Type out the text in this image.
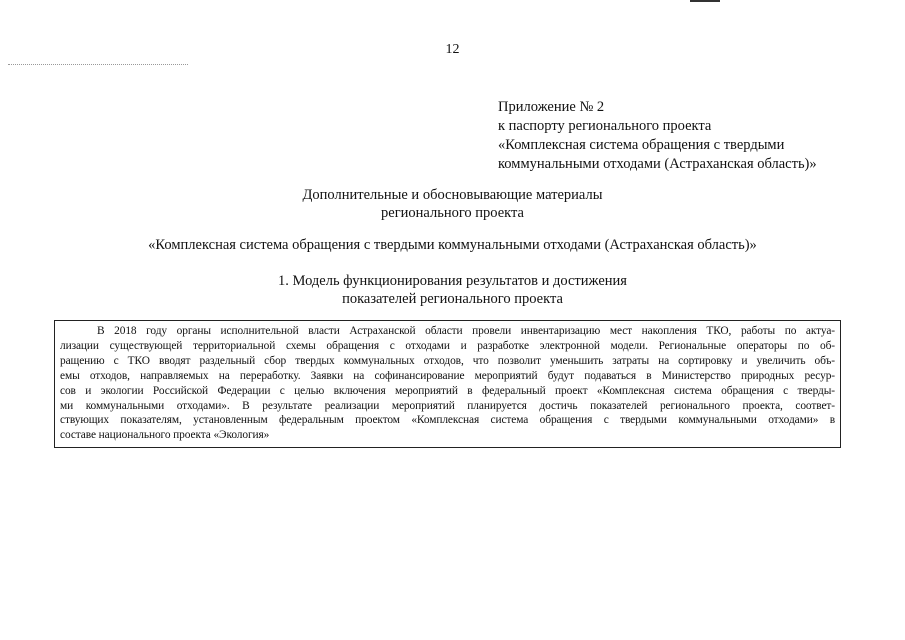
12
Приложение № 2
к паспорту регионального проекта
«Комплексная система обращения с твердыми
коммунальными отходами (Астраханская область)»
Дополнительные и обосновывающие материалы
регионального проекта
«Комплексная система обращения с твердыми коммунальными отходами (Астраханская область)»
1. Модель функционирования результатов и достижения
показателей регионального проекта
В 2018 году органы исполнительной власти Астраханской области провели инвентаризацию мест накопления ТКО, работы по актуа-
лизации существующей территориальной схемы обращения с отходами и разработке электронной модели. Региональные операторы по об-
ращению с ТКО вводят раздельный сбор твердых коммунальных отходов, что позволит уменьшить затраты на сортировку и увеличить объ-
емы отходов, направляемых на переработку. Заявки на софинансирование мероприятий будут подаваться в Министерство природных ресур-
сов и экологии Российской Федерации с целью включения мероприятий в федеральный проект «Комплексная система обращения с тверды-
ми коммунальными отходами». В результате реализации мероприятий планируется достичь показателей регионального проекта, соответ-
ствующих показателям, установленным федеральным проектом «Комплексная система обращения с твердыми коммунальными отходами» в
составе национального проекта «Экология»
